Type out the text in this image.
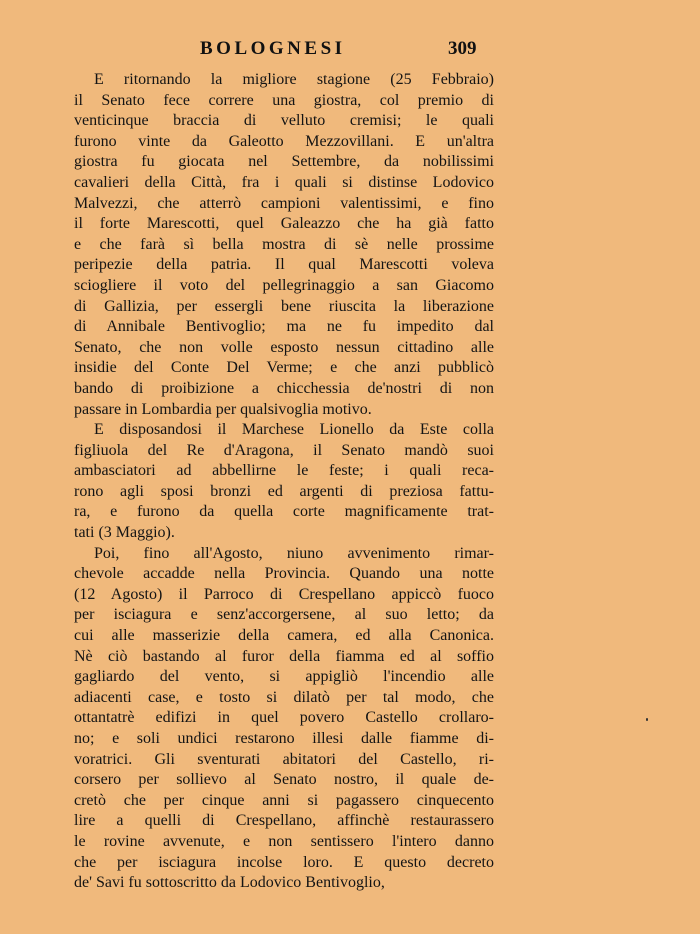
BOLOGNESI	309
E ritornando la migliore stagione (25 Febbraio)
il Senato fece correre una giostra, col premio di
venticinque braccia di velluto cremisi; le quali
furono vinte da Galeotto Mezzovillani. E un'altra
giostra fu giocata nel Settembre, da nobilissimi
cavalieri della Città, fra i quali si distinse Lodovico
Malvezzi, che atterrò campioni valentissimi, e fino
il forte Marescotti, quel Galeazzo che ha già fatto
e che farà sì bella mostra di sè nelle prossime
peripezie della patria. Il qual Marescotti voleva
sciogliere il voto del pellegrinaggio a san Giacomo
di Gallizia, per essergli bene riuscita la liberazione
di Annibale Bentivoglio; ma ne fu impedito dal
Senato, che non volle esposto nessun cittadino alle
insidie del Conte Del Verme; e che anzi pubblicò
bando di proibizione a chicchessia de'nostri di non
passare in Lombardia per qualsivoglia motivo.
E disposandosi il Marchese Lionello da Este colla
figliuola del Re d'Aragona, il Senato mandò suoi
ambasciatori ad abbellirne le feste; i quali reca-
rono agli sposi bronzi ed argenti di preziosa fattu-
ra, e furono da quella corte magnificamente trat-
tati (3 Maggio).
Poi, fino all'Agosto, niuno avvenimento rimar-
chevole accadde nella Provincia. Quando una notte
(12 Agosto) il Parroco di Crespellano appiccò fuoco
per isciagura e senz'accorgersene, al suo letto; da
cui alle masserizie della camera, ed alla Canonica.
Nè ciò bastando al furor della fiamma ed al soffio
gagliardo del vento, si appigliò l'incendio alle
adiacenti case, e tosto si dilatò per tal modo, che
ottantatrè edifizi in quel povero Castello crollaro-
no; e soli undici restarono illesi dalle fiamme di-
voratrici. Gli sventurati abitatori del Castello, ri-
corsero per sollievo al Senato nostro, il quale de-
cretò che per cinque anni si pagassero cinquecento
lire a quelli di Crespellano, affinchè restaurassero
le rovine avvenute, e non sentissero l'intero danno
che per isciagura incolse loro. E questo decreto
de' Savi fu sottoscritto da Lodovico Bentivoglio,
